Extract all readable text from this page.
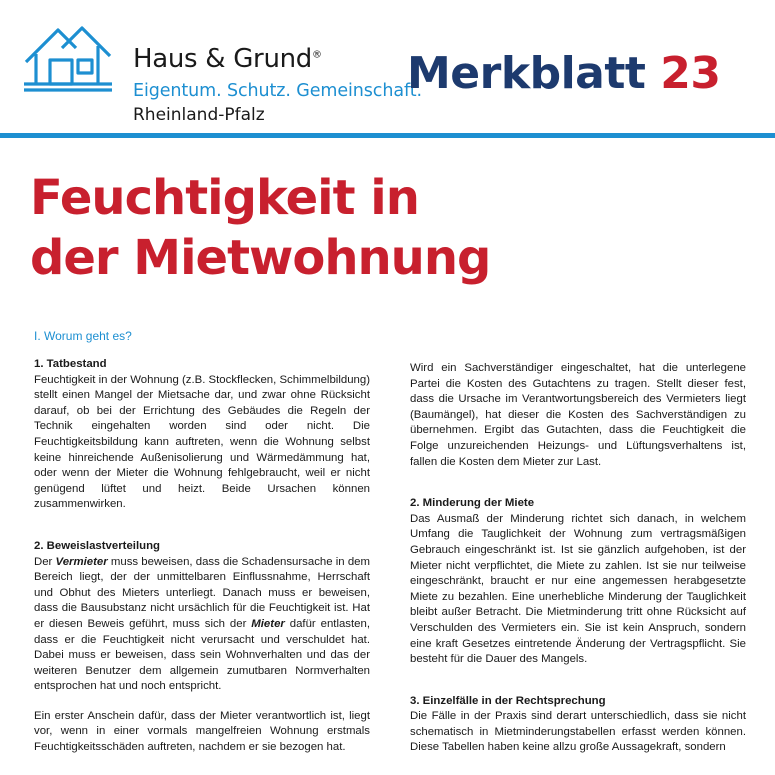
Haus & Grund®
Eigentum. Schutz. Gemeinschaft.
Rheinland-Pfalz
Merkblatt 23
Feuchtigkeit in
der Mietwohnung
I. Worum geht es?
1. Tatbestand

Feuchtigkeit in der Wohnung (z.B. Stockflecken, Schimmelbildung) stellt einen Mangel der Mietsache dar, und zwar ohne Rücksicht darauf, ob bei der Errichtung des Gebäudes die Regeln der Technik eingehalten worden sind oder nicht. Die Feuchtigkeitsbildung kann auftreten, wenn die Wohnung selbst keine hinreichende Außenisolierung und Wärmedämmung hat, oder wenn der Mieter die Wohnung fehlgebraucht, weil er nicht genügend lüftet und heizt. Beide Ursachen können zusammenwirken.

2. Beweislastverteilung

Der Vermieter muss beweisen, dass die Schadensursache in dem Bereich liegt, der der unmittelbaren Einflussnahme, Herrschaft und Obhut des Mieters unterliegt. Danach muss er beweisen, dass die Bausubstanz nicht ursächlich für die Feuchtigkeit ist. Hat er diesen Beweis geführt, muss sich der Mieter dafür entlasten, dass er die Feuchtigkeit nicht verursacht und verschuldet hat. Dabei muss er beweisen, dass sein Wohnverhalten und das der weiteren Benutzer dem allgemein zumutbaren Normverhalten entsprochen hat und noch entspricht.

Ein erster Anschein dafür, dass der Mieter verantwortlich ist, liegt vor, wenn in einer vormals mangelfreien Wohnung erstmals Feuchtigkeitsschäden auftreten, nachdem er sie bezogen hat.

Wird ein Sachverständiger eingeschaltet, hat die unterlegene Partei die Kosten des Gutachtens zu tragen. Stellt dieser fest, dass die Ursache im Verantwortungsbereich des Vermieters liegt (Baumängel), hat dieser die Kosten des Sachverständigen zu übernehmen. Ergibt das Gutachten, dass die Feuchtigkeit die Folge unzureichenden Heizungs- und Lüftungsverhaltens ist, fallen die Kosten dem Mieter zur Last.

2. Minderung der Miete

Das Ausmaß der Minderung richtet sich danach, in welchem Umfang die Tauglichkeit der Wohnung zum vertragsmäßigen Gebrauch eingeschränkt ist. Ist sie gänzlich aufgehoben, ist der Mieter nicht verpflichtet, die Miete zu zahlen. Ist sie nur teilweise eingeschränkt, braucht er nur eine angemessen herabgesetzte Miete zu bezahlen. Eine unerhebliche Minderung der Tauglichkeit bleibt außer Betracht. Die Mietminderung tritt ohne Rücksicht auf Verschulden des Vermieters ein. Sie ist kein Anspruch, sondern eine kraft Gesetzes eintretende Änderung der Vertragspflicht. Sie besteht für die Dauer des Mangels.

3. Einzelfälle in der Rechtsprechung

Die Fälle in der Praxis sind derart unterschiedlich, dass sie nicht schematisch in Mietminderungstabellen erfasst werden können. Diese Tabellen haben keine allzu große Aussagekraft, sondern
